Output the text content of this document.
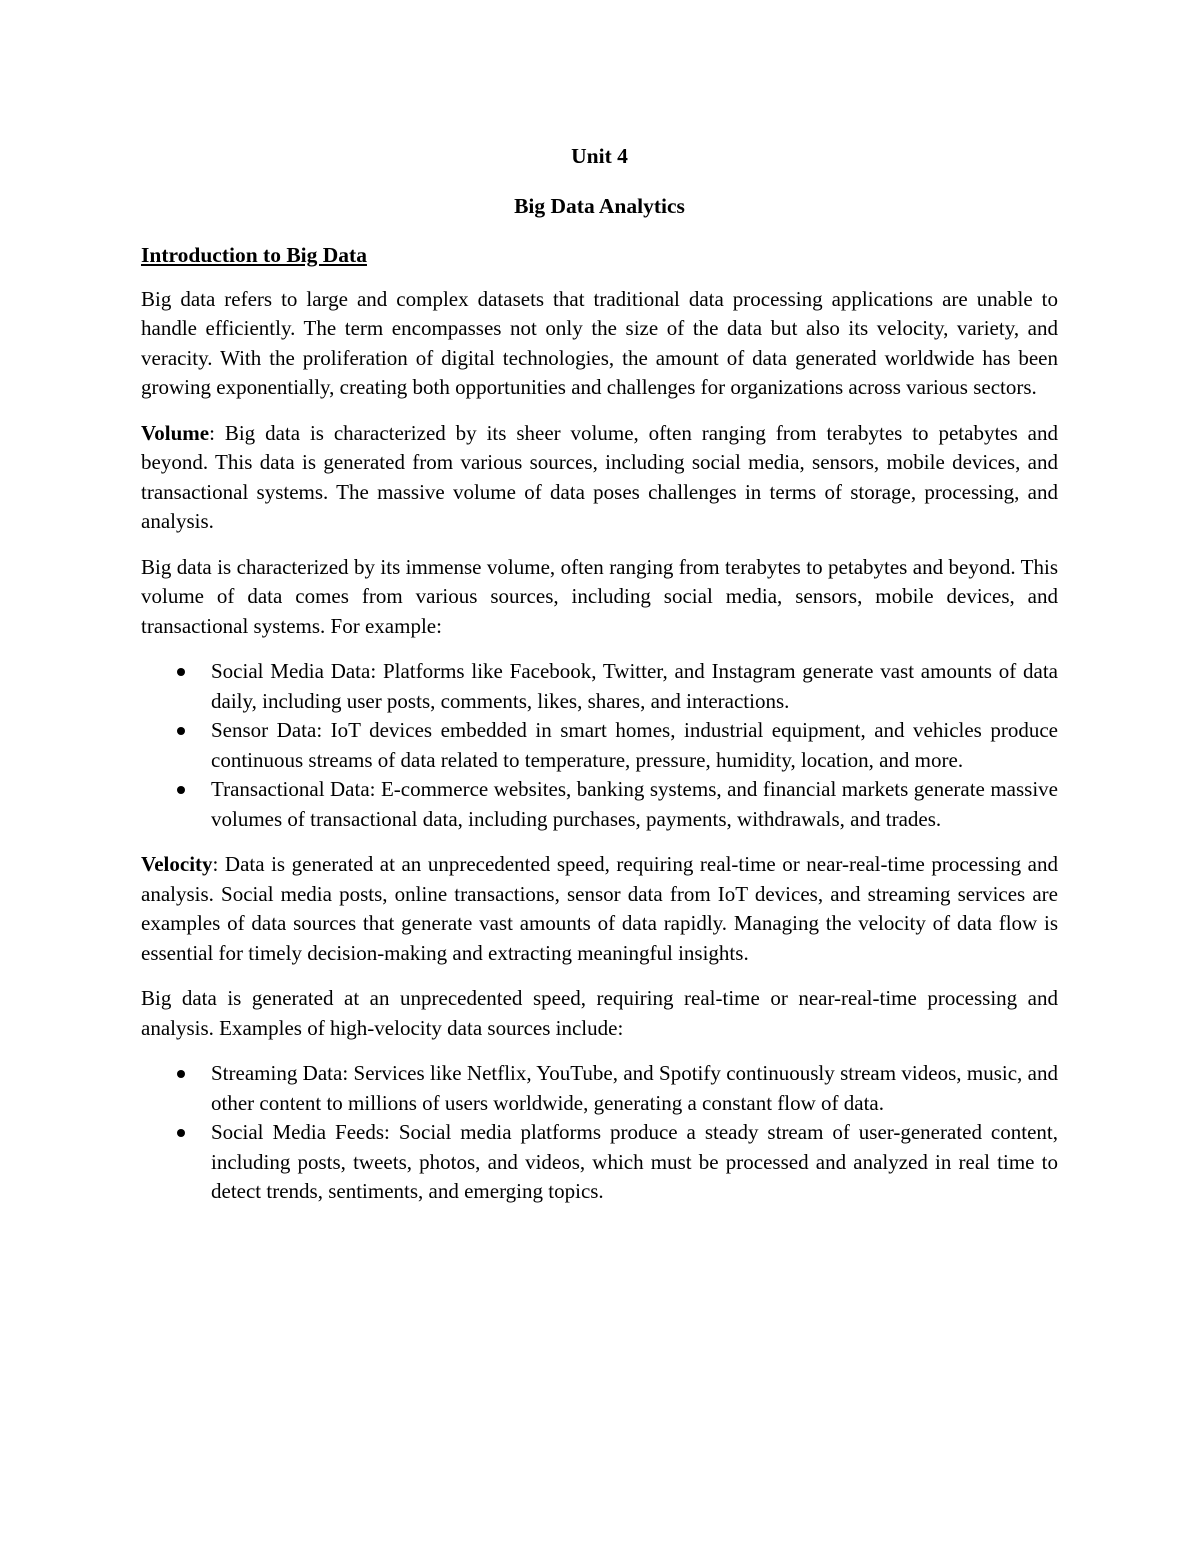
Unit 4
Big Data Analytics
Introduction to Big Data

Big data refers to large and complex datasets that traditional data processing applications are unable to handle efficiently. The term encompasses not only the size of the data but also its velocity, variety, and veracity. With the proliferation of digital technologies, the amount of data generated worldwide has been growing exponentially, creating both opportunities and challenges for organizations across various sectors.

Volume: Big data is characterized by its sheer volume, often ranging from terabytes to petabytes and beyond. This data is generated from various sources, including social media, sensors, mobile devices, and transactional systems. The massive volume of data poses challenges in terms of storage, processing, and analysis.

Big data is characterized by its immense volume, often ranging from terabytes to petabytes and beyond. This volume of data comes from various sources, including social media, sensors, mobile devices, and transactional systems. For example:

Social Media Data: Platforms like Facebook, Twitter, and Instagram generate vast amounts of data daily, including user posts, comments, likes, shares, and interactions.
Sensor Data: IoT devices embedded in smart homes, industrial equipment, and vehicles produce continuous streams of data related to temperature, pressure, humidity, location, and more.
Transactional Data: E-commerce websites, banking systems, and financial markets generate massive volumes of transactional data, including purchases, payments, withdrawals, and trades.

Velocity: Data is generated at an unprecedented speed, requiring real-time or near-real-time processing and analysis. Social media posts, online transactions, sensor data from IoT devices, and streaming services are examples of data sources that generate vast amounts of data rapidly. Managing the velocity of data flow is essential for timely decision-making and extracting meaningful insights.

Big data is generated at an unprecedented speed, requiring real-time or near-real-time processing and analysis. Examples of high-velocity data sources include:

Streaming Data: Services like Netflix, YouTube, and Spotify continuously stream videos, music, and other content to millions of users worldwide, generating a constant flow of data.
Social Media Feeds: Social media platforms produce a steady stream of user-generated content, including posts, tweets, photos, and videos, which must be processed and analyzed in real time to detect trends, sentiments, and emerging topics.
